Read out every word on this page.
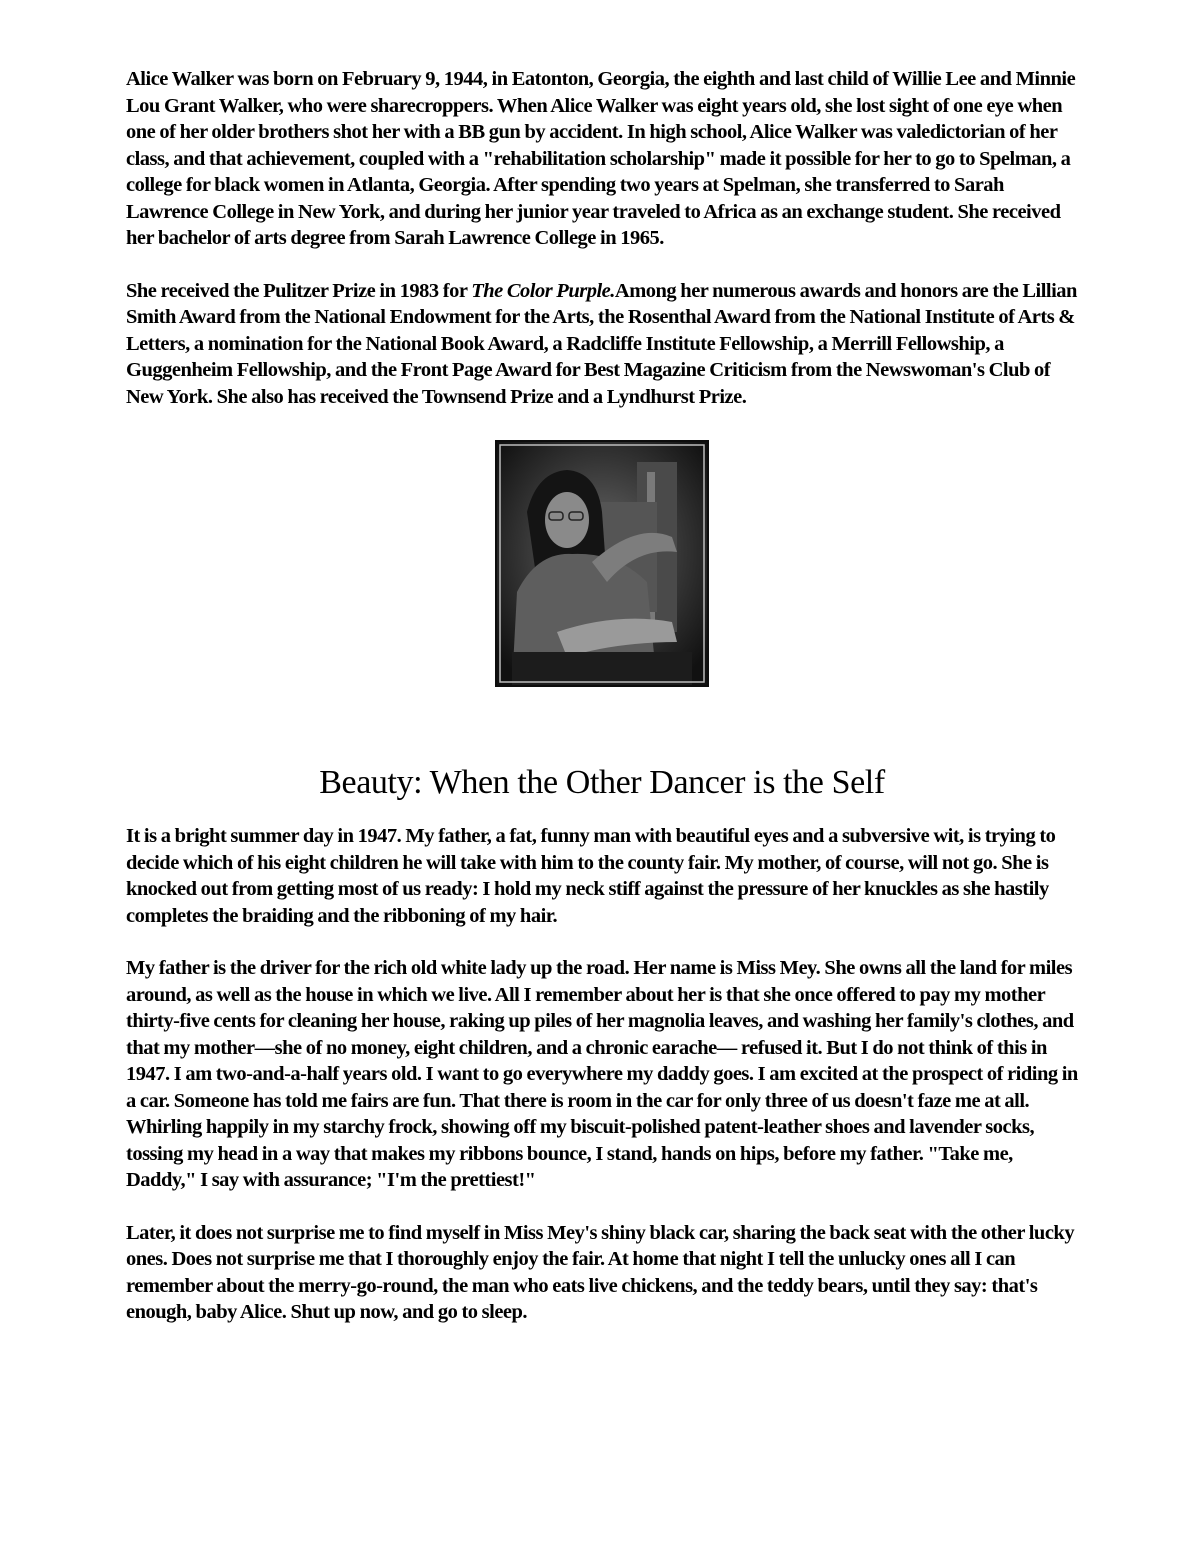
Alice Walker was born on February 9, 1944, in Eatonton, Georgia, the eighth and last child of Willie Lee and Minnie
Lou Grant Walker, who were sharecroppers. When Alice Walker was eight years old, she lost sight of one eye when one of her older brothers shot her with a BB gun by accident. In high school, Alice Walker was valedictorian of her class, and that achievement, coupled with a "rehabilitation scholarship" made it possible for her to go to Spelman, a college for black women in Atlanta, Georgia. After spending two years at Spelman, she transferred to Sarah Lawrence College in New York, and during her junior year traveled to Africa as an exchange student. She received her bachelor of arts degree from Sarah Lawrence College in 1965.

She received the Pulitzer Prize in 1983 for The Color Purple.Among her numerous awards and honors are the Lillian Smith Award from the National Endowment for the Arts, the Rosenthal Award from the National Institute of Arts & Letters, a nomination for the National Book Award, a Radcliffe Institute Fellowship, a Merrill Fellowship, a Guggenheim Fellowship, and the Front Page Award for Best Magazine Criticism from the Newswoman's Club of New York. She also has received the Townsend Prize and a Lyndhurst Prize.

Beauty: When the Other Dancer is the Self

It is a bright summer day in 1947. My father, a fat, funny man with beautiful eyes and a subversive wit, is trying to decide which of his eight children he will take with him to the county fair. My mother, of course, will not go. She is knocked out from getting most of us ready: I hold my neck stiff against the pressure of her knuckles as she hastily completes the braiding and the ribboning of my hair.

My father is the driver for the rich old white lady up the road. Her name is Miss Mey. She owns all the land for miles around, as well as the house in which we live. All I remember about her is that she once offered to pay my mother thirty-five cents for cleaning her house, raking up piles of her magnolia leaves, and washing her family's clothes, and that my mother—she of no money, eight children, and a chronic earache— refused it. But I do not think of this in 1947. I am two-and-a-half years old. I want to go everywhere my daddy goes. I am excited at the prospect of riding in a car. Someone has told me fairs are fun. That there is room in the car for only three of us doesn't faze me at all. Whirling happily in my starchy frock, showing off my biscuit-polished patent-leather shoes and lavender socks, tossing my head in a way that makes my ribbons bounce, I stand, hands on hips, before my father. "Take me, Daddy," I say with assurance; "I'm the prettiest!"

Later, it does not surprise me to find myself in Miss Mey's shiny black car, sharing the back seat with the other lucky ones. Does not surprise me that I thoroughly enjoy the fair. At home that night I tell the unlucky ones all I can remember about the merry-go-round, the man who eats live chickens, and the teddy bears, until they say: that's enough, baby Alice. Shut up now, and go to sleep.
